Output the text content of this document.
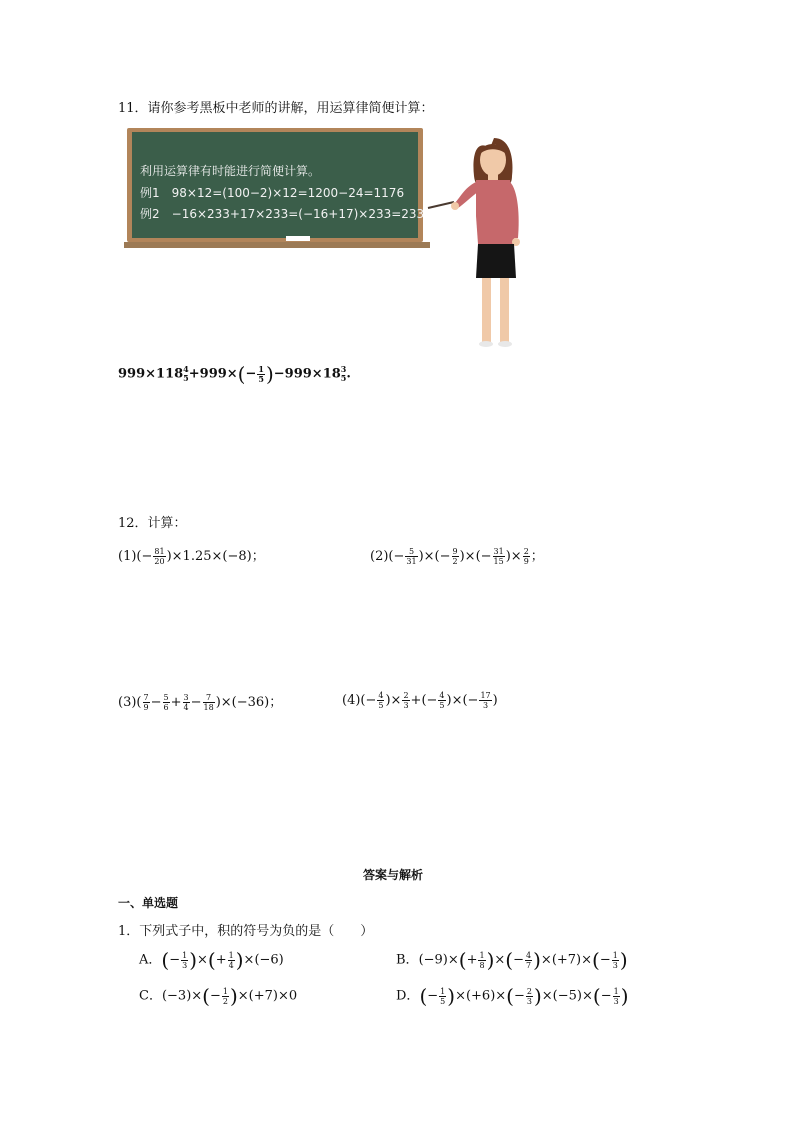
11．请你参考黑板中老师的讲解，用运算律简便计算：
利用运算律有时能进行简便计算。
例1　98×12=(100−2)×12=1200−24=1176
例2　−16×233+17×233=(−16+17)×233=233
999×118 4
$5 +999\times(- \frac{1}{5} )-999\times 18$ 3
5 .
12．计算：
$(1)(- \frac{81}{20} )\times 1.25\times(-8)$；	$(2)(- \frac{5}{31}$ )×(− $\frac{9}{2}$ )×(− $\frac{31}{15}$ )× $\frac{2}{9}$ ；
$(3)( \frac{7}{9} - \frac{5}{6} + \frac{3}{4} - \frac{7}{18} )\times(-36)$；	$(4)(- \frac{4}{5}$ )× $\frac{2}{3}$ +(− $\frac{4}{5}$ )×(− $\frac{17}{3}$ )
答案与解析
一、单选题
1．下列式子中，积的符号为负的是（　　）
A．(− $\frac{1}{3}$ )×(+ $\frac{1}{4} )\times(-6)$	B．$(-9)\times(+ \frac{1}{8}$ )×(− $\frac{4}{7} )\times(+7)\times(- \frac{1}{3}$ )
C．$(-3)\times(- \frac{1}{2} )\times(+7)\times 0$	D．(− $\frac{1}{5} )\times(+6)\times(- \frac{2}{3} )\times(-5)\times(- \frac{1}{3}$ )
